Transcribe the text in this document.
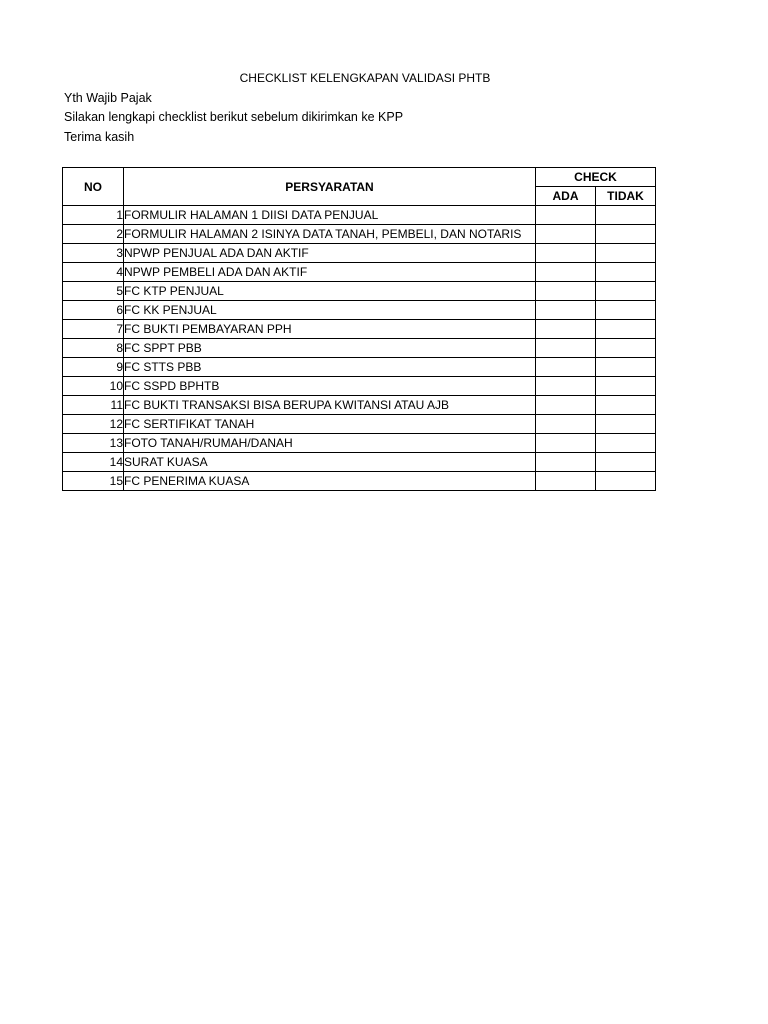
CHECKLIST KELENGKAPAN VALIDASI PHTB
Yth Wajib Pajak
Silakan lengkapi checklist berikut sebelum dikirimkan ke KPP
Terima kasih
NO	PERSYARATAN	CHECK	
		ADA	TIDAK
1	FORMULIR HALAMAN 1 DIISI DATA PENJUAL		
2	FORMULIR HALAMAN 2 ISINYA DATA TANAH, PEMBELI, DAN NOTARIS		
3	NPWP PENJUAL ADA DAN AKTIF		
4	NPWP PEMBELI ADA DAN AKTIF		
5	FC KTP PENJUAL		
6	FC KK PENJUAL		
7	FC BUKTI PEMBAYARAN PPH		
8	FC SPPT PBB		
9	FC STTS PBB		
10	FC SSPD BPHTB		
11	FC BUKTI TRANSAKSI BISA BERUPA KWITANSI ATAU AJB		
12	FC SERTIFIKAT TANAH		
13	FOTO TANAH/RUMAH/DANAH		
14	SURAT KUASA		
15	FC PENERIMA KUASA		
